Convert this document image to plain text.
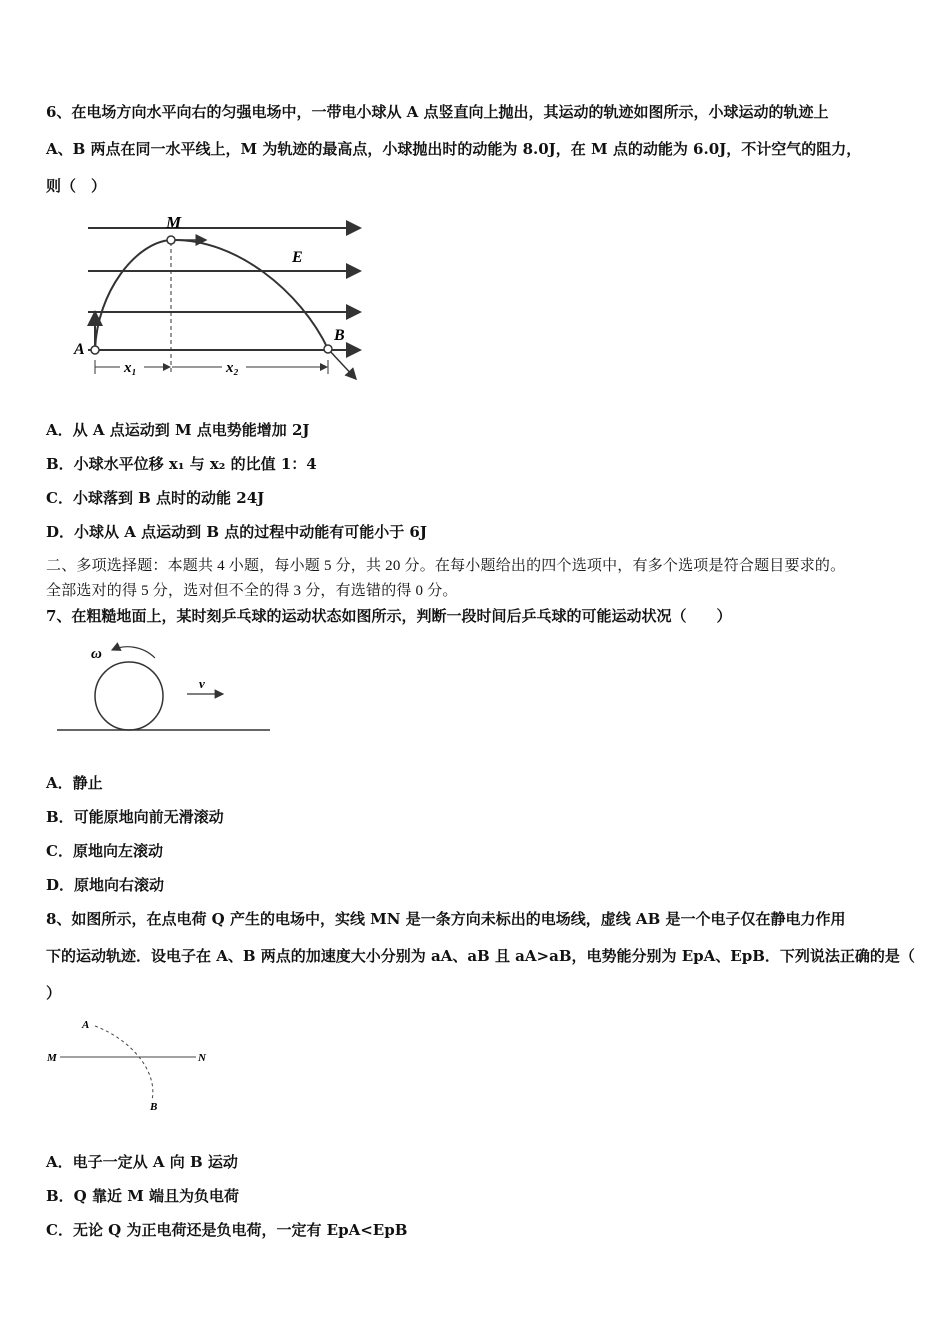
6、在电场方向水平向右的匀强电场中，一带电小球从 A 点竖直向上抛出，其运动的轨迹如图所示，小球运动的轨迹上
A、B 两点在同一水平线上，M 为轨迹的最高点，小球抛出时的动能为 8.0J，在 M 点的动能为 6.0J，不计空气的阻力，
则（　）
M
E
A
B
x₁	x₂
A．从 A 点运动到 M 点电势能增加 2J
B．小球水平位移 x₁ 与 x₂ 的比值 1：4
C．小球落到 B 点时的动能 24J
D．小球从 A 点运动到 B 点的过程中动能有可能小于 6J
二、多项选择题：本题共 4 小题，每小题 5 分，共 20 分。在每小题给出的四个选项中，有多个选项是符合题目要求的。
全部选对的得 5 分，选对但不全的得 3 分，有选错的得 0 分。
7、在粗糙地面上，某时刻乒乓球的运动状态如图所示，判断一段时间后乒乓球的可能运动状况（　　）
ω
v
A．静止
B．可能原地向前无滑滚动
C．原地向左滚动
D．原地向右滚动
8、如图所示，在点电荷 Q 产生的电场中，实线 MN 是一条方向未标出的电场线，虚线 AB 是一个电子仅在静电力作用
下的运动轨迹．设电子在 A、B 两点的加速度大小分别为 aA、aB 且 aA>aB，电势能分别为 EpA、EpB．下列说法正确的是（
）
A
M	N
B
A．电子一定从 A 向 B 运动
B．Q 靠近 M 端且为负电荷
C．无论 Q 为正电荷还是负电荷，一定有 EpA<EpB
